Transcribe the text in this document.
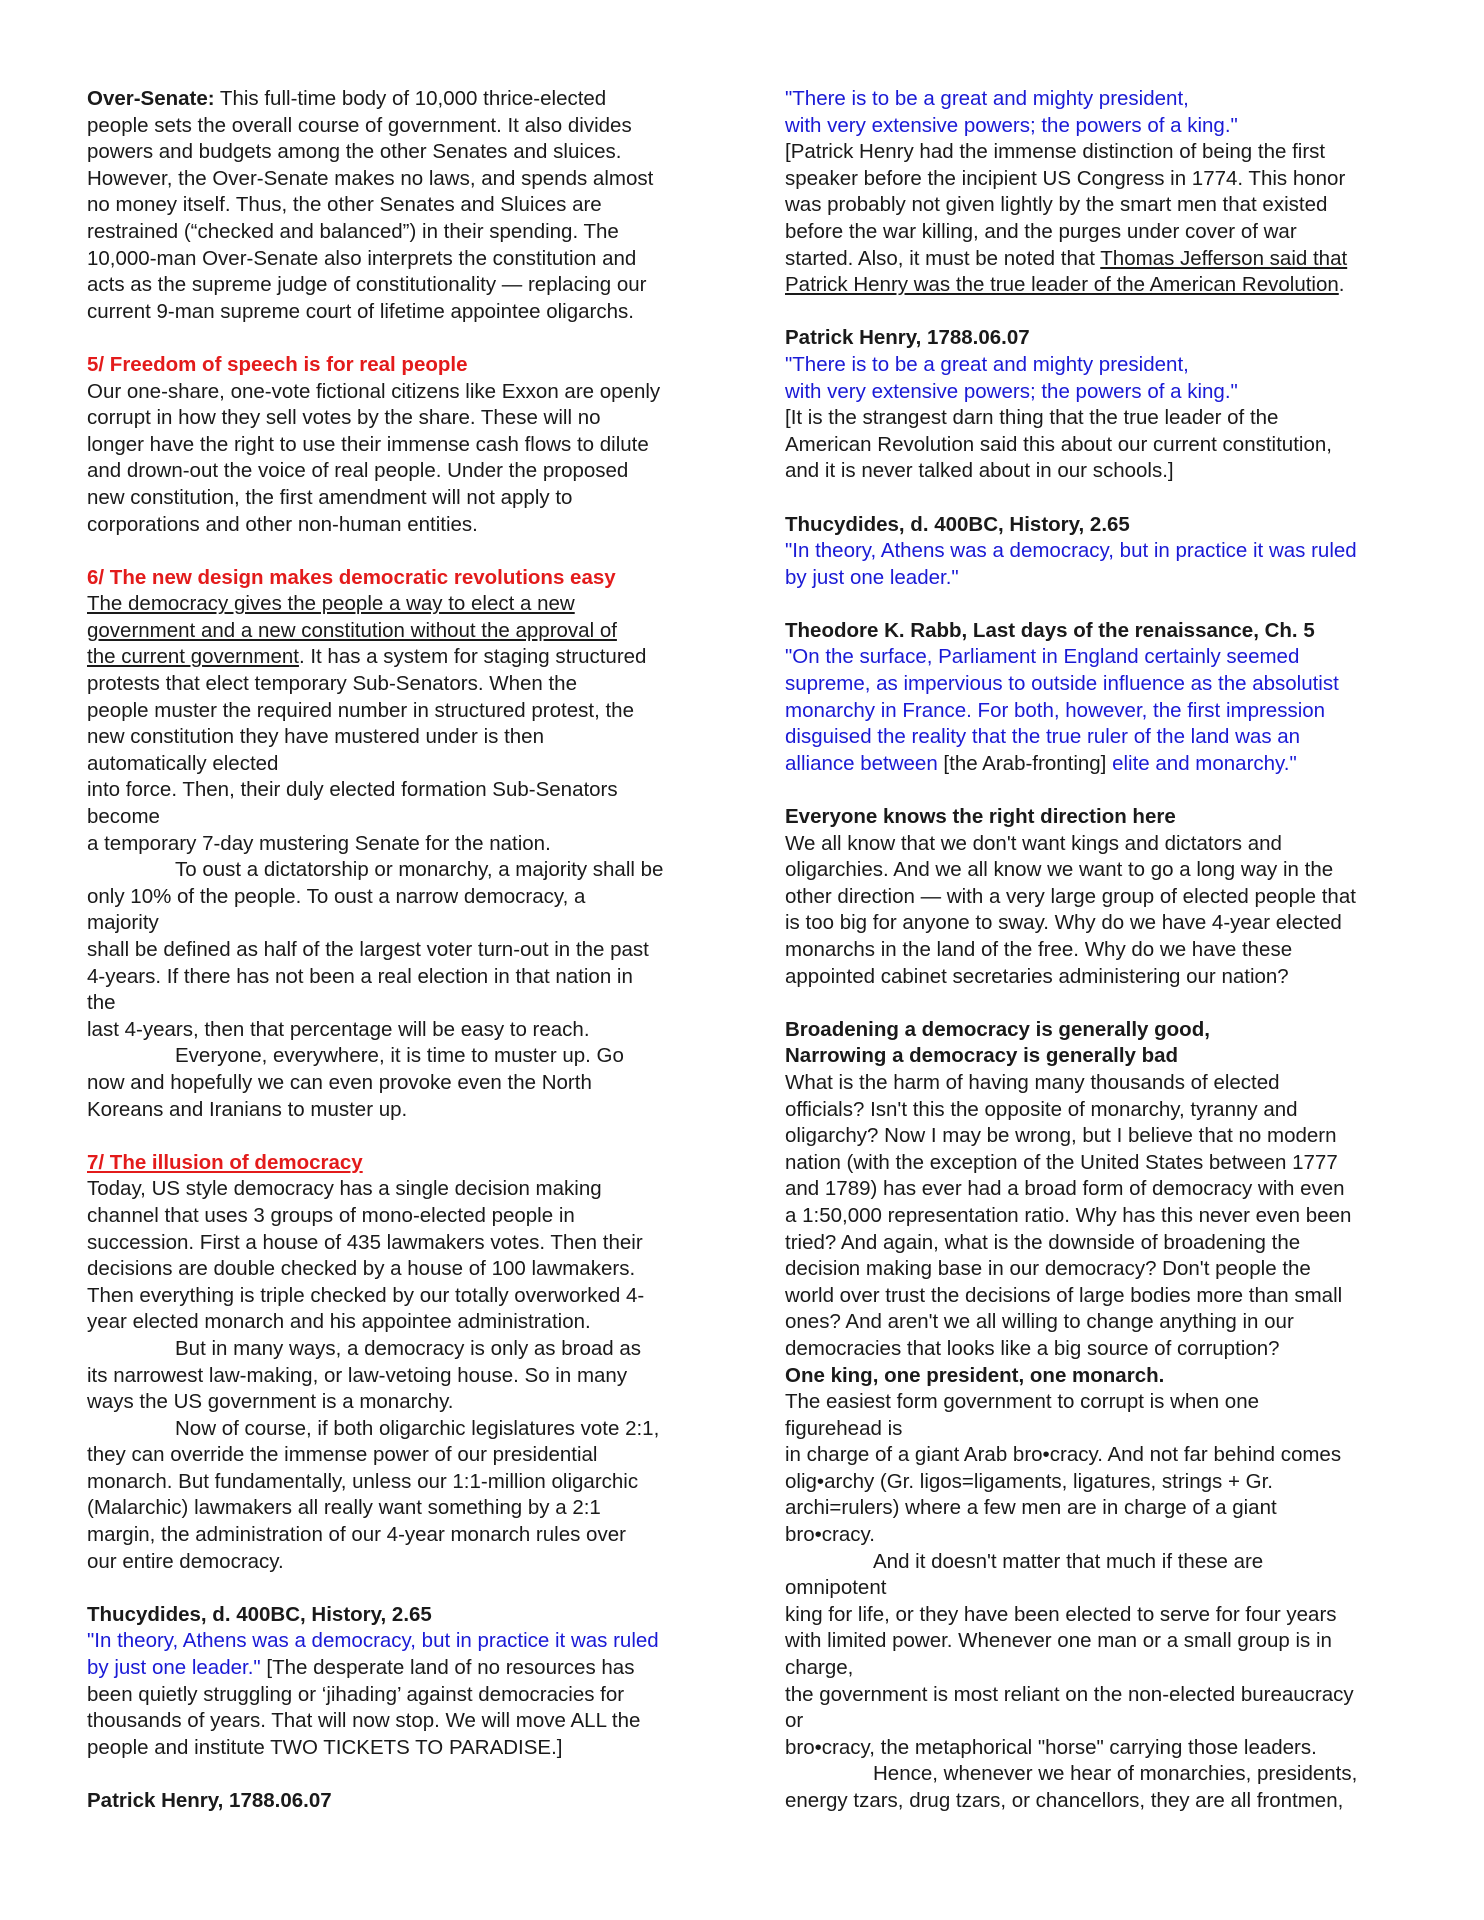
Over-Senate: This full-time body of 10,000 thrice-elected

people sets the overall course of government. It also divides

powers and budgets among the other Senates and sluices.

However, the Over-Senate makes no laws, and spends almost

no money itself. Thus, the other Senates and Sluices are

restrained (“checked and balanced”) in their spending. The

10,000-man Over-Senate also interprets the constitution and

acts as the supreme judge of constitutionality — replacing our

current 9-man supreme court of lifetime appointee oligarchs.

5/ Freedom of speech is for real people

Our one-share, one-vote fictional citizens like Exxon are openly

corrupt in how they sell votes by the share. These will no

longer have the right to use their immense cash flows to dilute

and drown-out the voice of real people. Under the proposed

new constitution, the first amendment will not apply to

corporations and other non-human entities.

6/ The new design makes democratic revolutions easy

The democracy gives the people a way to elect a new

government and a new constitution without the approval of

the current government. It has a system for staging structured

protests that elect temporary Sub-Senators. When the

people muster the required number in structured protest, the

new constitution they have mustered under is then

automatically elected

into force. Then, their duly elected formation Sub-Senators

become

a temporary 7-day mustering Senate for the nation.

To oust a dictatorship or monarchy, a majority shall be

only 10% of the people. To oust a narrow democracy, a

majority

shall be defined as half of the largest voter turn-out in the past

4-years. If there has not been a real election in that nation in

the

last 4-years, then that percentage will be easy to reach.

Everyone, everywhere, it is time to muster up. Go

now and hopefully we can even provoke even the North

Koreans and Iranians to muster up.

7/ The illusion of democracy

Today, US style democracy has a single decision making

channel that uses 3 groups of mono-elected people in

succession. First a house of 435 lawmakers votes. Then their

decisions are double checked by a house of 100 lawmakers.

Then everything is triple checked by our totally overworked 4-

year elected monarch and his appointee administration.

But in many ways, a democracy is only as broad as

its narrowest law-making, or law-vetoing house. So in many

ways the US government is a monarchy.

Now of course, if both oligarchic legislatures vote 2:1,

they can override the immense power of our presidential

monarch. But fundamentally, unless our 1:1-million oligarchic

(Malarchic) lawmakers all really want something by a 2:1

margin, the administration of our 4-year monarch rules over

our entire democracy.

Thucydides, d. 400BC, History, 2.65

"In theory, Athens was a democracy, but in practice it was ruled

by just one leader." [The desperate land of no resources has

been quietly struggling or ‘jihading’ against democracies for

thousands of years. That will now stop. We will move ALL the

people and institute TWO TICKETS TO PARADISE.]

Patrick Henry, 1788.06.07

"There is to be a great and mighty president,

with very extensive powers; the powers of a king."

[Patrick Henry had the immense distinction of being the first

speaker before the incipient US Congress in 1774. This honor

was probably not given lightly by the smart men that existed

before the war killing, and the purges under cover of war

started. Also, it must be noted that Thomas Jefferson said that

Patrick Henry was the true leader of the American Revolution.

Patrick Henry, 1788.06.07

"There is to be a great and mighty president,

with very extensive powers; the powers of a king."

[It is the strangest darn thing that the true leader of the

American Revolution said this about our current constitution,

and it is never talked about in our schools.]

Thucydides, d. 400BC, History, 2.65

"In theory, Athens was a democracy, but in practice it was ruled

by just one leader."

Theodore K. Rabb, Last days of the renaissance, Ch. 5

"On the surface, Parliament in England certainly seemed

supreme, as impervious to outside influence as the absolutist

monarchy in France. For both, however, the first impression

disguised the reality that the true ruler of the land was an

alliance between [the Arab-fronting] elite and monarchy."

Everyone knows the right direction here

We all know that we don't want kings and dictators and

oligarchies. And we all know we want to go a long way in the

other direction — with a very large group of elected people that

is too big for anyone to sway. Why do we have 4-year elected

monarchs in the land of the free. Why do we have these

appointed cabinet secretaries administering our nation?

Broadening a democracy is generally good,

Narrowing a democracy is generally bad

What is the harm of having many thousands of elected

officials? Isn't this the opposite of monarchy, tyranny and

oligarchy? Now I may be wrong, but I believe that no modern

nation (with the exception of the United States between 1777

and 1789) has ever had a broad form of democracy with even

a 1:50,000 representation ratio. Why has this never even been

tried? And again, what is the downside of broadening the

decision making base in our democracy? Don't people the

world over trust the decisions of large bodies more than small

ones? And aren't we all willing to change anything in our

democracies that looks like a big source of corruption?

One king, one president, one monarch.

The easiest form government to corrupt is when one

figurehead is

in charge of a giant Arab bro•cracy. And not far behind comes

olig•archy (Gr. ligos=ligaments, ligatures, strings + Gr.

archi=rulers) where a few men are in charge of a giant

bro•cracy.

And it doesn't matter that much if these are

omnipotent

king for life, or they have been elected to serve for four years

with limited power. Whenever one man or a small group is in

charge,

the government is most reliant on the non-elected bureaucracy

or

bro•cracy, the metaphorical "horse" carrying those leaders.

Hence, whenever we hear of monarchies, presidents,

energy tzars, drug tzars, or chancellors, they are all frontmen,
